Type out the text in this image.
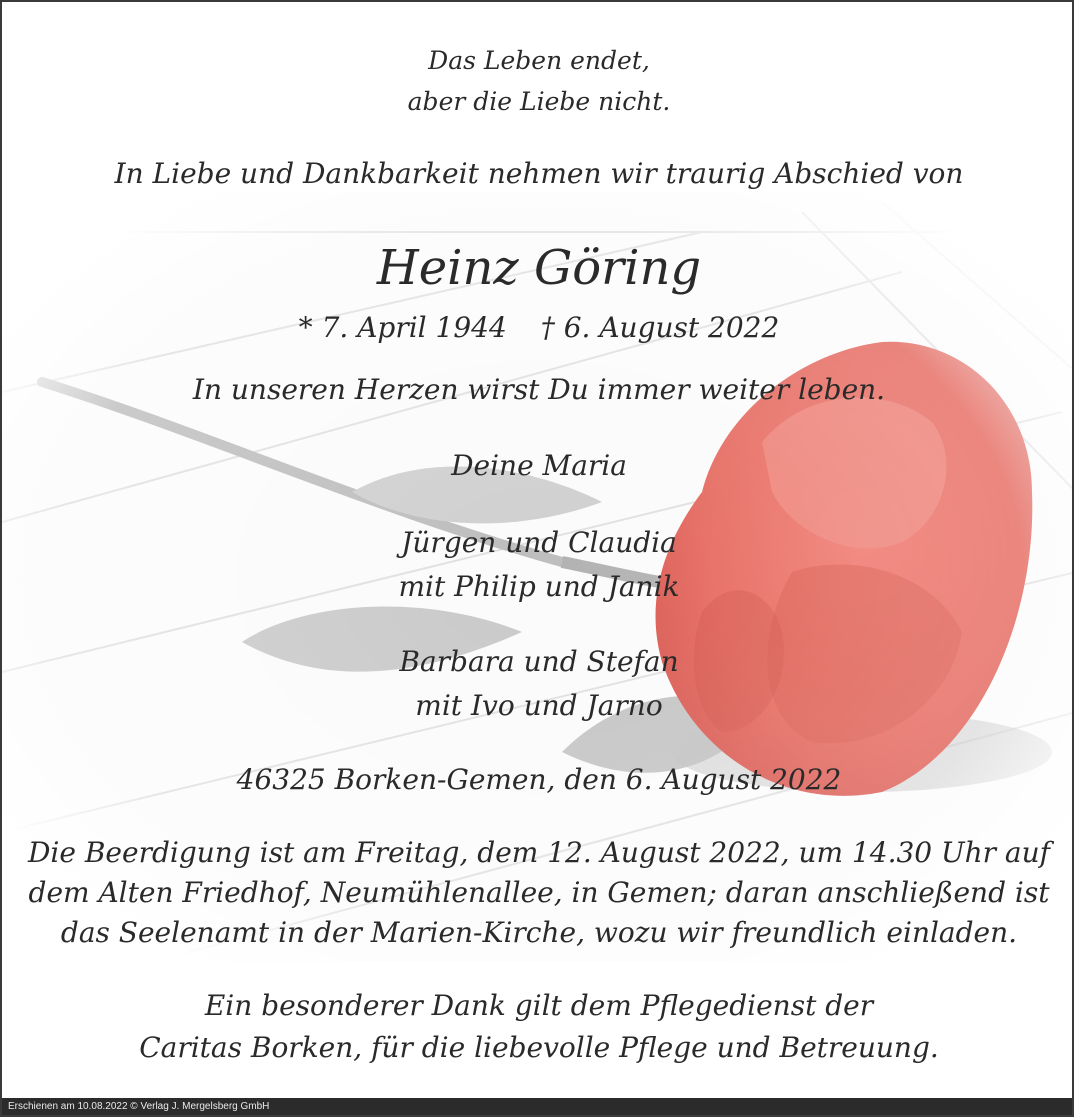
Das Leben endet,
aber die Liebe nicht.
In Liebe und Dankbarkeit nehmen wir traurig Abschied von
Heinz Göring
* 7. April 1944 † 6. August 2022
In unseren Herzen wirst Du immer weiter leben.
Deine Maria
Jürgen und Claudia
mit Philip und Janik
Barbara und Stefan
mit Ivo und Jarno
46325 Borken-Gemen, den 6. August 2022
Die Beerdigung ist am Freitag, dem 12. August 2022, um 14.30 Uhr auf
dem Alten Friedhof, Neumühlenallee, in Gemen; daran anschließend ist
das Seelenamt in der Marien-Kirche, wozu wir freundlich einladen.
Ein besonderer Dank gilt dem Pflegedienst der
Caritas Borken, für die liebevolle Pflege und Betreuung.
Erschienen am 10.08.2022 © Verlag J. Mergelsberg GmbH
